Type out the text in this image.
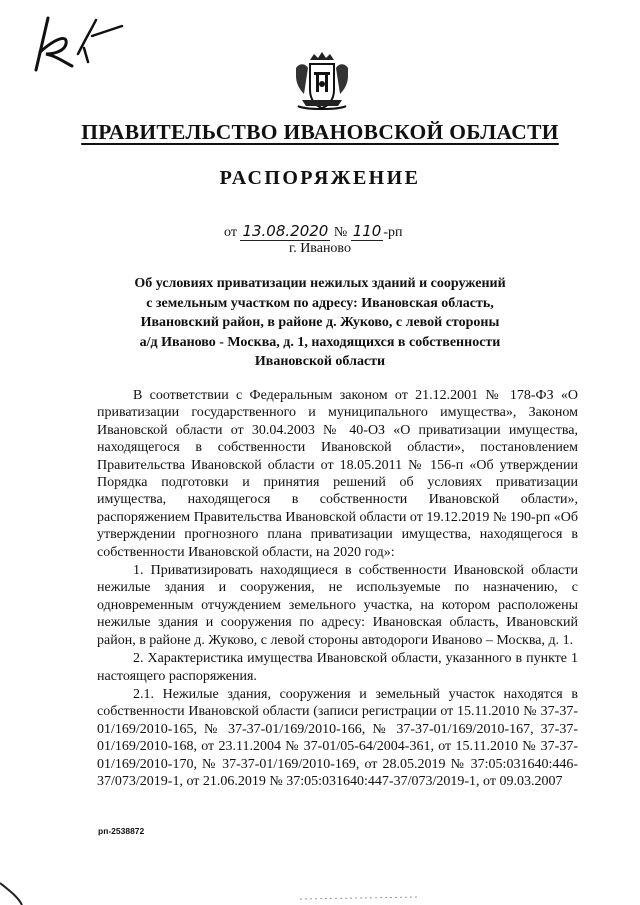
ПРАВИТЕЛЬСТВО ИВАНОВСКОЙ ОБЛАСТИ
РАСПОРЯЖЕНИЕ
от 13.08.2020 № 110 -рп
г. Иваново
Об условиях приватизации нежилых зданий и сооружений
с земельным участком по адресу: Ивановская область,
Ивановский район, в районе д. Жуково, с левой стороны
а/д Иваново - Москва, д. 1, находящихся в собственности
Ивановской области

В соответствии с Федеральным законом от 21.12.2001 № 178-ФЗ «О приватизации государственного и муниципального имущества», Законом Ивановской области от 30.04.2003 № 40-ОЗ «О приватизации имущества, находящегося в собственности Ивановской области», постановлением Правительства Ивановской области от 18.05.2011 № 156-п «Об утверждении Порядка подготовки и принятия решений об условиях приватизации имущества, находящегося в собственности Ивановской области», распоряжением Правительства Ивановской области от 19.12.2019 № 190-рп «Об утверждении прогнозного плана приватизации имущества, находящегося в собственности Ивановской области, на 2020 год»:

1. Приватизировать находящиеся в собственности Ивановской области нежилые здания и сооружения, не используемые по назначению, с одновременным отчуждением земельного участка, на котором расположены нежилые здания и сооружения по адресу: Ивановская область, Ивановский район, в районе д. Жуково, с левой стороны автодороги Иваново – Москва, д. 1.

2. Характеристика имущества Ивановской области, указанного в пункте 1 настоящего распоряжения.

2.1. Нежилые здания, сооружения и земельный участок находятся в собственности Ивановской области (записи регистрации от 15.11.2010 № 37-37-01/169/2010-165, № 37-37-01/169/2010-166, № 37-37-01/169/2010-167, 37-37-01/169/2010-168, от 23.11.2004 № 37-01/05-64/2004-361, от 15.11.2010 № 37-37-01/169/2010-170, № 37-37-01/169/2010-169, от 28.05.2019 № 37:05:031640:446-37/073/2019-1, от 21.06.2019 № 37:05:031640:447-37/073/2019-1, от 09.03.2007

рп-2538872
